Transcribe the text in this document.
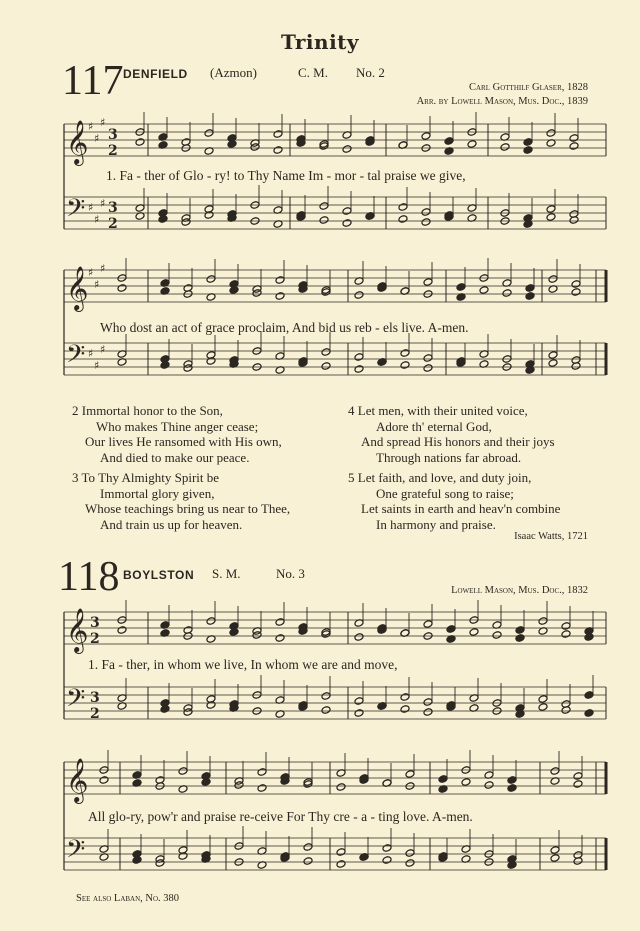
Trinity
117 DENFIELD (Azmon)	C. M. No. 2
Carl Gotthilf Glaser, 1828
Arr. by Lowell Mason, Mus. Doc., 1839
𝄞 ♯
♯
♯
3
2
𝄢 ♯
♯
♯ 3
2
𝄞 ♯
♯
♯
𝄢 ♯
♯
♯
𝄞 3
2
𝄢 3
2
𝄞
𝄢
1. Fa - ther of Glo - ry! to Thy Name Im - mor - tal praise we give,
Who dost an act of grace proclaim, And bid us reb - els live. A-men.
2 Immortal honor to the Son,
Who makes Thine anger cease;
Our lives He ransomed with His own,
And died to make our peace.
3 To Thy Almighty Spirit be
Immortal glory given,
Whose teachings bring us near to Thee,
And train us up for heaven.
4 Let men, with their united voice,
Adore th' eternal God,
And spread His honors and their joys
Through nations far abroad.
5 Let faith, and love, and duty join,
One grateful song to raise;
Let saints in earth and heav'n combine
In harmony and praise.
Isaac Watts, 1721
118 BOYLSTON S. M.	No. 3
Lowell Mason, Mus. Doc., 1832
1. Fa - ther, in whom we live, In whom we are and move,
All glo-ry, pow'r and praise re-ceive For Thy cre - a - ting love. A-men.
See also Laban, No. 380
